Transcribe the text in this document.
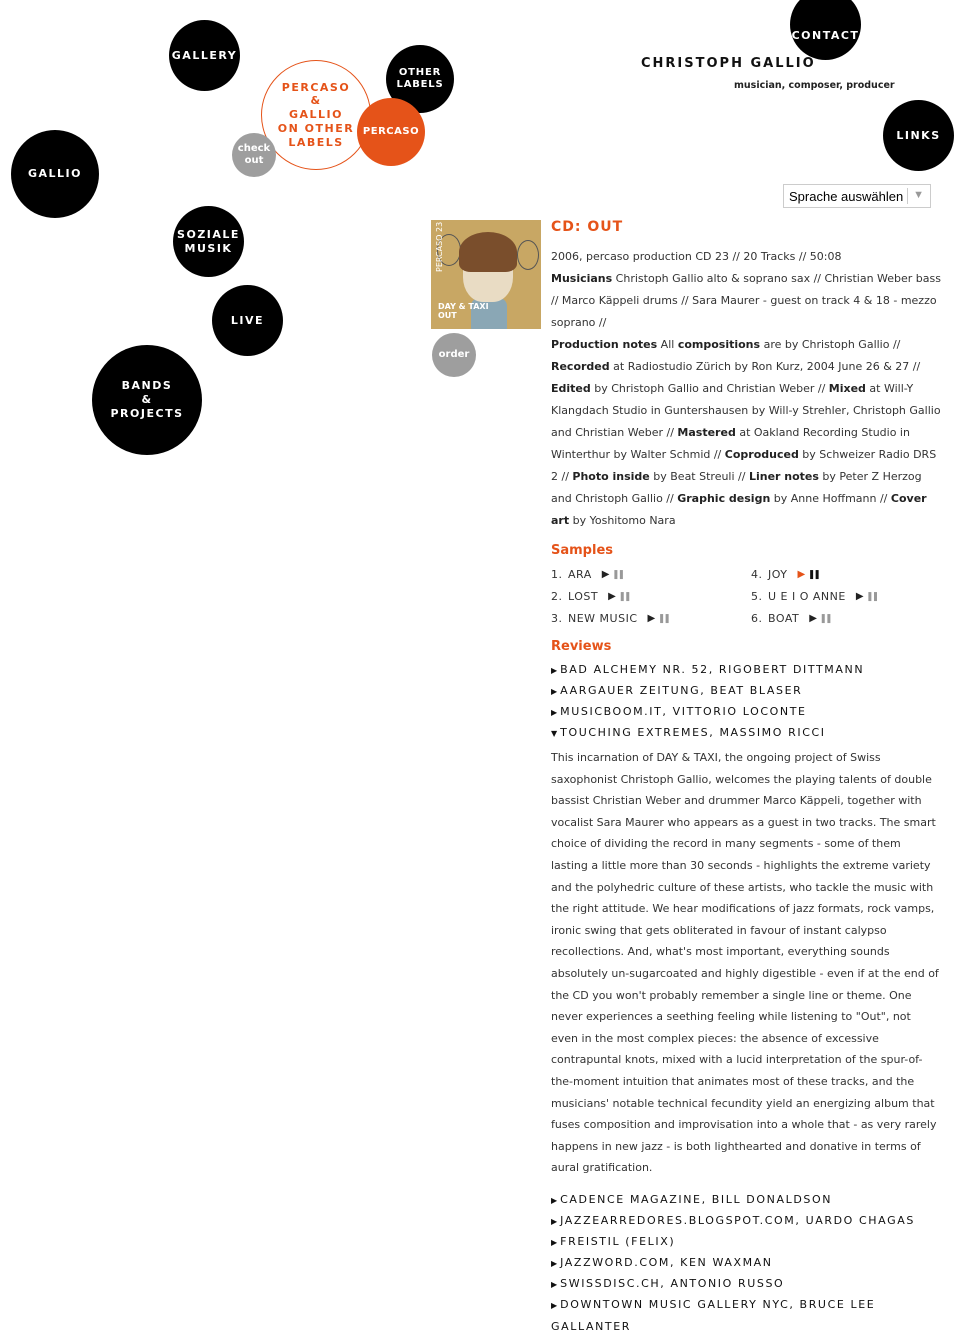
GALLERY
PERCASO
&
GALLIO
ON OTHER
LABELS
OTHER
LABELS
PERCASO
check
out
GALLIO
SOZIALE
MUSIK
LIVE
BANDS
&
PROJECTS
CONTACT
LINKS
CHRISTOPH GALLIO
musician, composer, producer
Sprache auswählen ▼
PERCASO 23
DAY & TAXI
OUT
order
CD: OUT
2006, percaso production CD 23 // 20 Tracks // 50:08
Musicians Christoph Gallio alto & soprano sax // Christian Weber bass // Marco Käppeli drums // Sara Maurer - guest on track 4 & 18 - mezzo soprano //
Production notes All compositions are by Christoph Gallio // Recorded at Radiostudio Zürich by Ron Kurz, 2004 June 26 & 27 // Edited by Christoph Gallio and Christian Weber // Mixed at Will-Y Klangdach Studio in Guntershausen by Will-y Strehler, Christoph Gallio and Christian Weber // Mastered at Oakland Recording Studio in Winterthur by Walter Schmid // Coproduced by Schweizer Radio DRS 2 // Photo inside by Beat Streuli // Liner notes by Peter Z Herzog and Christoph Gallio // Graphic design by Anne Hoffmann // Cover art by Yoshitomo Nara
Samples
1. ARA ▶ ❚❚	4. JOY ▶ ❚❚
2. LOST ▶ ❚❚	5. U E I O ANNE ▶ ❚❚
3. NEW MUSIC ▶ ❚❚	6. BOAT ▶ ❚❚
Reviews
▶ BAD ALCHEMY NR. 52, RIGOBERT DITTMANN
▶ AARGAUER ZEITUNG, BEAT BLASER
▶ MUSICBOOM.IT, VITTORIO LOCONTE
▼ TOUCHING EXTREMES, MASSIMO RICCI
This incarnation of DAY & TAXI, the ongoing project of Swiss saxophonist Christoph Gallio, welcomes the playing talents of double bassist Christian Weber and drummer Marco Käppeli, together with vocalist Sara Maurer who appears as a guest in two tracks. The smart choice of dividing the record in many segments - some of them lasting a little more than 30 seconds - highlights the extreme variety and the polyhedric culture of these artists, who tackle the music with the right attitude. We hear modifications of jazz formats, rock vamps, ironic swing that gets obliterated in favour of instant calypso recollections. And, what's most important, everything sounds absolutely un-sugarcoated and highly digestible - even if at the end of the CD you won't probably remember a single line or theme. One never experiences a seething feeling while listening to "Out", not even in the most complex pieces: the absence of excessive contrapuntal knots, mixed with a lucid interpretation of the spur-of-the-moment intuition that animates most of these tracks, and the musicians' notable technical fecundity yield an energizing album that fuses composition and improvisation into a whole that - as very rarely happens in new jazz - is both lighthearted and donative in terms of aural gratification.
▶ CADENCE MAGAZINE, BILL DONALDSON
▶ JAZZEARREDORES.BLOGSPOT.COM, UARDO CHAGAS
▶ FREISTIL (FELIX)
▶ JAZZWORD.COM, KEN WAXMAN
▶ SWISSDISC.CH, ANTONIO RUSSO
▶ DOWNTOWN MUSIC GALLERY NYC, BRUCE LEE GALLANTER
